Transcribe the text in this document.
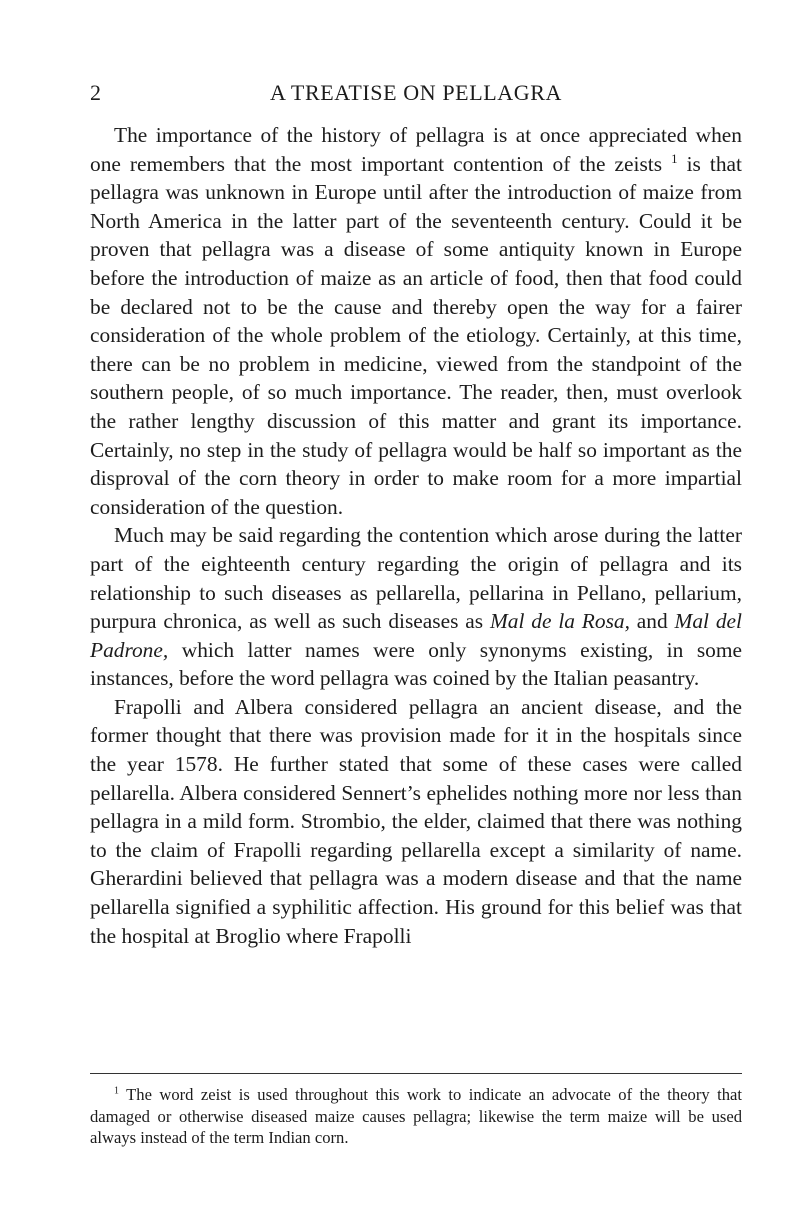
2	A TREATISE ON PELLAGRA

The importance of the history of pellagra is at once appreciated when one remembers that the most important contention of the zeists $^1$ is that pellagra was unknown in Europe until after the introduction of maize from North America in the latter part of the seventeenth century. Could it be proven that pellagra was a disease of some antiquity known in Europe before the introduction of maize as an article of food, then that food could be declared not to be the cause and thereby open the way for a fairer consideration of the whole problem of the etiology. Certainly, at this time, there can be no problem in medicine, viewed from the standpoint of the southern people, of so much importance. The reader, then, must overlook the rather lengthy discussion of this matter and grant its importance. Certainly, no step in the study of pellagra would be half so important as the disproval of the corn theory in order to make room for a more impartial consideration of the question.

Much may be said regarding the contention which arose during the latter part of the eighteenth century regarding the origin of pellagra and its relationship to such diseases as pellarella, pellarina in Pellano, pellarium, purpura chronica, as well as such diseases as Mal de la Rosa, and Mal del Padrone, which latter names were only synonyms existing, in some instances, before the word pellagra was coined by the Italian peasantry.

Frapolli and Albera considered pellagra an ancient disease, and the former thought that there was provision made for it in the hospitals since the year 1578. He further stated that some of these cases were called pellarella. Albera considered Sennert’s ephelides nothing more nor less than pellagra in a mild form. Strombio, the elder, claimed that there was nothing to the claim of Frapolli regarding pellarella except a similarity of name. Gherardini believed that pellagra was a modern disease and that the name pellarella signified a syphilitic affection. His ground for this belief was that the hospital at Broglio where Frapolli

$^1$ The word zeist is used throughout this work to indicate an advocate of the theory that damaged or otherwise diseased maize causes pellagra; likewise the term maize will be used always instead of the term Indian corn.
